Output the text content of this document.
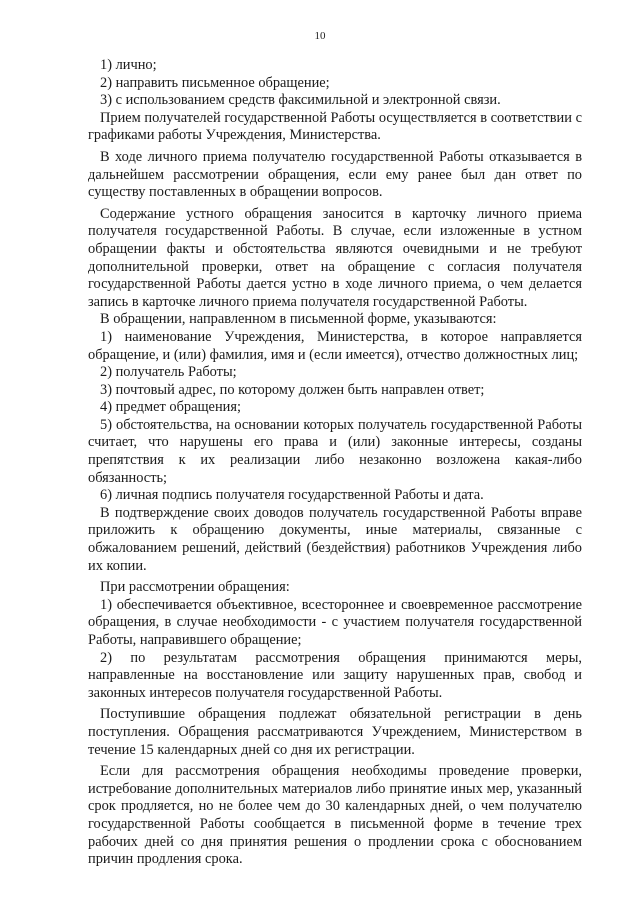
10

1) лично;

2) направить письменное обращение;

3) с использованием средств факсимильной и электронной связи.

Прием получателей государственной Работы осуществляется в соответствии с графиками работы Учреждения, Министерства.

В ходе личного приема получателю государственной Работы отказывается в дальнейшем рассмотрении обращения, если ему ранее был дан ответ по существу поставленных в обращении вопросов.

Содержание устного обращения заносится в карточку личного приема получателя государственной Работы. В случае, если изложенные в устном обращении факты и обстоятельства являются очевидными и не требуют дополнительной проверки, ответ на обращение с согласия получателя государственной Работы дается устно в ходе личного приема, о чем делается запись в карточке личного приема получателя государственной Работы.

В обращении, направленном в письменной форме, указываются:

1) наименование Учреждения, Министерства, в которое направляется обращение, и (или) фамилия, имя и (если имеется), отчество должностных лиц;

2) получатель Работы;

3) почтовый адрес, по которому должен быть направлен ответ;

4) предмет обращения;

5) обстоятельства, на основании которых получатель государственной Работы считает, что нарушены его права и (или) законные интересы, созданы препятствия к их реализации либо незаконно возложена какая-либо обязанность;

6) личная подпись получателя государственной Работы и дата.

В подтверждение своих доводов получатель государственной Работы вправе приложить к обращению документы, иные материалы, связанные с обжалованием решений, действий (бездействия) работников Учреждения либо их копии.

При рассмотрении обращения:

1) обеспечивается объективное, всестороннее и своевременное рассмотрение обращения, в случае необходимости - с участием получателя государственной Работы, направившего обращение;

2) по результатам рассмотрения обращения принимаются меры, направленные на восстановление или защиту нарушенных прав, свобод и законных интересов получателя государственной Работы.

Поступившие обращения подлежат обязательной регистрации в день поступления. Обращения рассматриваются Учреждением, Министерством в течение 15 календарных дней со дня их регистрации.

Если для рассмотрения обращения необходимы проведение проверки, истребование дополнительных материалов либо принятие иных мер, указанный срок продляется, но не более чем до 30 календарных дней, о чем получателю государственной Работы сообщается в письменной форме в течение трех рабочих дней со дня принятия решения о продлении срока с обоснованием причин продления срока.
